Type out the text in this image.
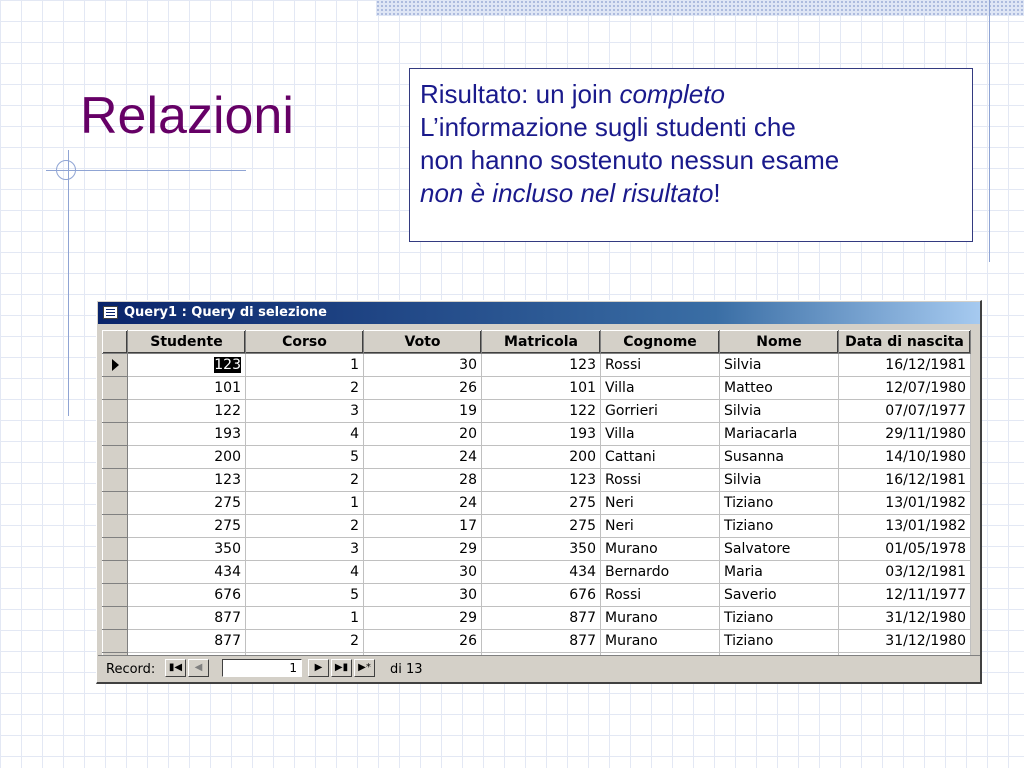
Relazioni	Risultato: un join completo
L’informazione sugli studenti che
non hanno sostenuto nessun esame
non è incluso nel risultato!
Query1 : Query di selezione
	Studente	Corso	Voto	Matricola	Cognome	Nome	Data di nascita
	123	1	30	123	Rossi	Silvia	16/12/1981
	101	2	26	101	Villa	Matteo	12/07/1980
	122	3	19	122	Gorrieri	Silvia	07/07/1977
	193	4	20	193	Villa	Mariacarla	29/11/1980
	200	5	24	200	Cattani	Susanna	14/10/1980
	123	2	28	123	Rossi	Silvia	16/12/1981
	275	1	24	275	Neri	Tiziano	13/01/1982
	275	2	17	275	Neri	Tiziano	13/01/1982
	350	3	29	350	Murano	Salvatore	01/05/1978
	434	4	30	434	Bernardo	Maria	03/12/1981
	676	5	30	676	Rossi	Saverio	12/11/1977
	877	1	29	877	Murano	Tiziano	31/12/1980
	877	2	26	877	Murano	Tiziano	31/12/1980

Record:	▮◀	◀	1	▶	▶▮	▶*	di 13
